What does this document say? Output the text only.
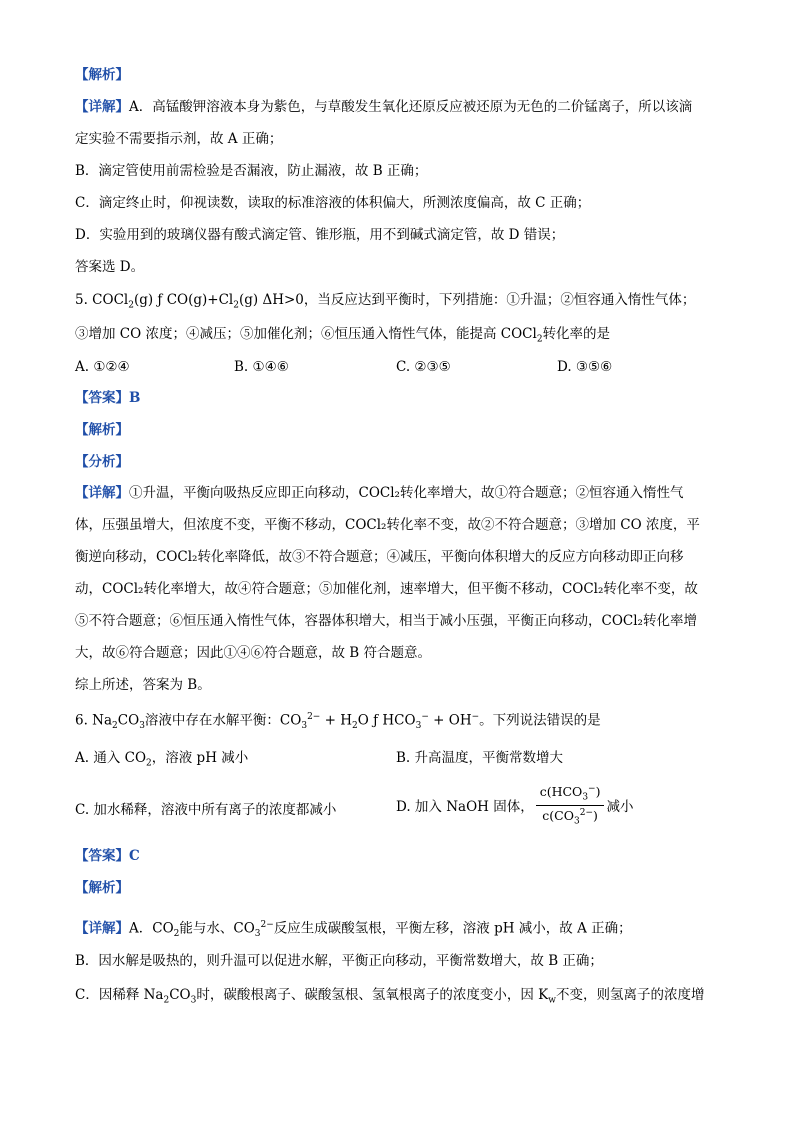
【解析】
【详解】A．高锰酸钾溶液本身为紫色，与草酸发生氧化还原反应被还原为无色的二价锰离子，所以该滴
定实验不需要指示剂，故 A 正确；
B．滴定管使用前需检验是否漏液，防止漏液，故 B 正确；
C．滴定终止时，仰视读数，读取的标准溶液的体积偏大，所测浓度偏高，故 C 正确；
D．实验用到的玻璃仪器有酸式滴定管、锥形瓶，用不到碱式滴定管，故 D 错误；
答案选 D。
5. COCl$_2$(g) ƒ $CO(g)+Cl_2(g)$ ΔH>0，当反应达到平衡时，下列措施：①升温；②恒容通入惰性气体；
③增加 CO 浓度；④减压；⑤加催化剂；⑥恒压通入惰性气体，能提高 COCl$_2$转化率的是
A. ①②④	B. ①④⑥	C. ②③⑤	D. ③⑤⑥
【答案】B
【解析】
【分析】
【详解】①升温，平衡向吸热反应即正向移动，COCl₂转化率增大，故①符合题意；②恒容通入惰性气
体，压强虽增大，但浓度不变，平衡不移动，COCl₂转化率不变，故②不符合题意；③增加 CO 浓度，平
衡逆向移动，COCl₂转化率降低，故③不符合题意；④减压，平衡向体积增大的反应方向移动即正向移
动，COCl₂转化率增大，故④符合题意；⑤加催化剂，速率增大，但平衡不移动，COCl₂转化率不变，故
⑤不符合题意；⑥恒压通入惰性气体，容器体积增大，相当于减小压强，平衡正向移动，COCl₂转化率增
大，故⑥符合题意；因此①④⑥符合题意，故 B 符合题意。
综上所述，答案为 B。
6. $Na_2CO_3$溶液中存在水解平衡：$CO_3^{2-} + H_2O$ ƒ $HCO_3^- + OH^-$。下列说法错误的是
A. 通入 $CO_2$，溶液 pH 减小	B. 升高温度，平衡常数增大
C. 加水稀释，溶液中所有离子的浓度都减小	D. 加入 NaOH 固体， $\frac{c(HCO_3^-)}{c(CO_3^{2-})}$ 减小
【答案】C
【解析】
【详解】A．$CO_2$能与水、$CO_3^{2-}$反应生成碳酸氢根，平衡左移，溶液 pH 减小，故 A 正确；
B．因水解是吸热的，则升温可以促进水解，平衡正向移动，平衡常数增大，故 B 正确；
C．因稀释 $Na_2CO_3$时，碳酸根离子、碳酸氢根、氢氧根离子的浓度变小，因 $K_w$不变，则氢离子的浓度增
